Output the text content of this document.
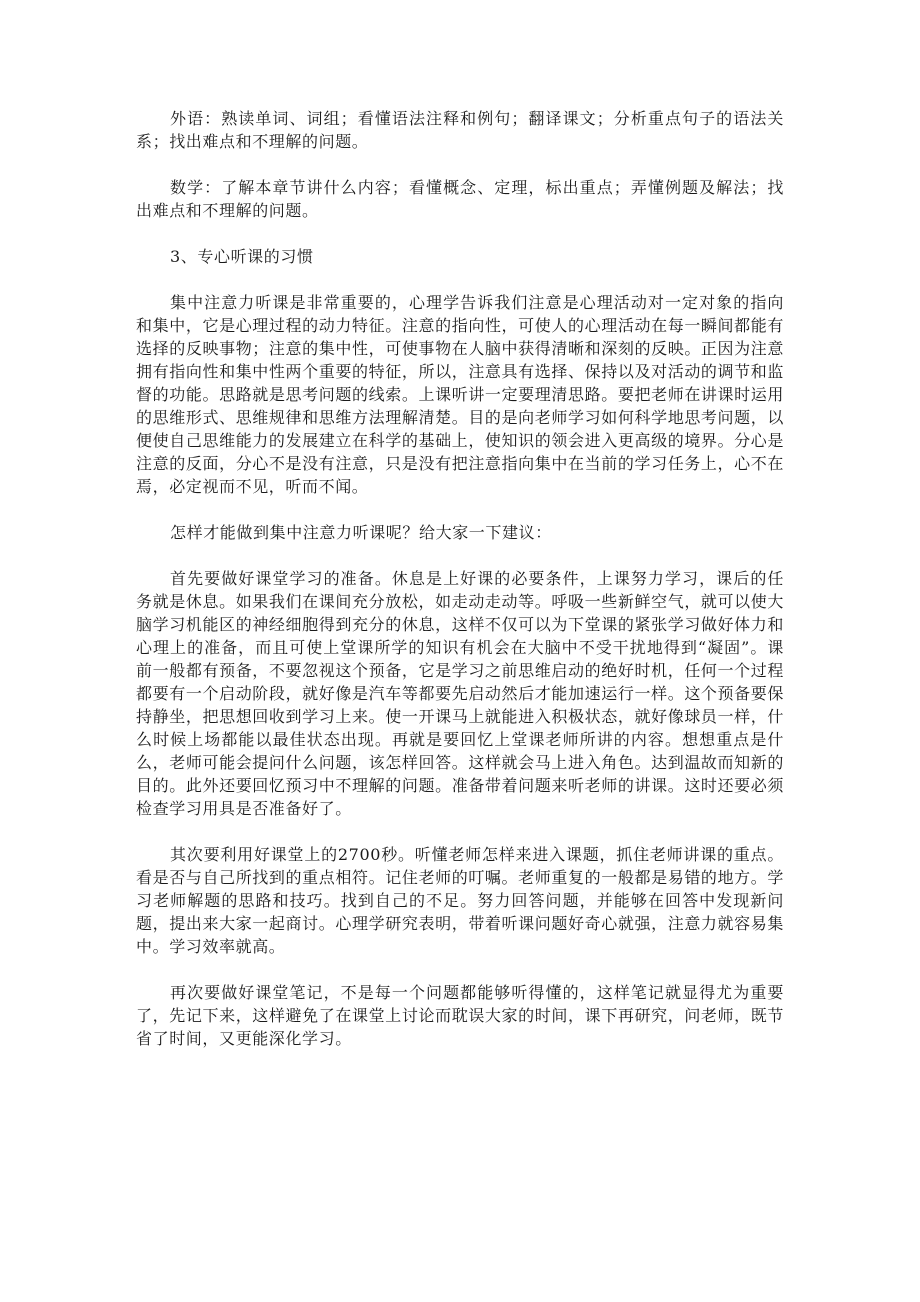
外语：熟读单词、词组；看懂语法注释和例句；翻译课文；分析重点句子的语法关系；找出难点和不理解的问题。

数学：了解本章节讲什么内容；看懂概念、定理，标出重点；弄懂例题及解法；找出难点和不理解的问题。

3、专心听课的习惯

集中注意力听课是非常重要的，心理学告诉我们注意是心理活动对一定对象的指向和集中，它是心理过程的动力特征。注意的指向性，可使人的心理活动在每一瞬间都能有选择的反映事物；注意的集中性，可使事物在人脑中获得清晰和深刻的反映。正因为注意拥有指向性和集中性两个重要的特征，所以，注意具有选择、保持以及对活动的调节和监督的功能。思路就是思考问题的线索。上课听讲一定要理清思路。要把老师在讲课时运用的思维形式、思维规律和思维方法理解清楚。目的是向老师学习如何科学地思考问题，以便使自己思维能力的发展建立在科学的基础上，使知识的领会进入更高级的境界。分心是注意的反面，分心不是没有注意，只是没有把注意指向集中在当前的学习任务上，心不在焉，必定视而不见，听而不闻。

怎样才能做到集中注意力听课呢？给大家一下建议：

首先要做好课堂学习的准备。休息是上好课的必要条件，上课努力学习，课后的任务就是休息。如果我们在课间充分放松，如走动走动等。呼吸一些新鲜空气，就可以使大脑学习机能区的神经细胞得到充分的休息，这样不仅可以为下堂课的紧张学习做好体力和心理上的准备，而且可使上堂课所学的知识有机会在大脑中不受干扰地得到“凝固”。课前一般都有预备，不要忽视这个预备，它是学习之前思维启动的绝好时机，任何一个过程都要有一个启动阶段，就好像是汽车等都要先启动然后才能加速运行一样。这个预备要保持静坐，把思想回收到学习上来。使一开课马上就能进入积极状态，就好像球员一样，什么时候上场都能以最佳状态出现。再就是要回忆上堂课老师所讲的内容。想想重点是什么，老师可能会提问什么问题，该怎样回答。这样就会马上进入角色。达到温故而知新的目的。此外还要回忆预习中不理解的问题。准备带着问题来听老师的讲课。这时还要必须检查学习用具是否准备好了。

其次要利用好课堂上的2700秒。听懂老师怎样来进入课题，抓住老师讲课的重点。看是否与自己所找到的重点相符。记住老师的叮嘱。老师重复的一般都是易错的地方。学习老师解题的思路和技巧。找到自己的不足。努力回答问题，并能够在回答中发现新问题，提出来大家一起商讨。心理学研究表明，带着听课问题好奇心就强，注意力就容易集中。学习效率就高。

再次要做好课堂笔记，不是每一个问题都能够听得懂的，这样笔记就显得尤为重要了，先记下来，这样避免了在课堂上讨论而耽误大家的时间，课下再研究，问老师，既节省了时间，又更能深化学习。
